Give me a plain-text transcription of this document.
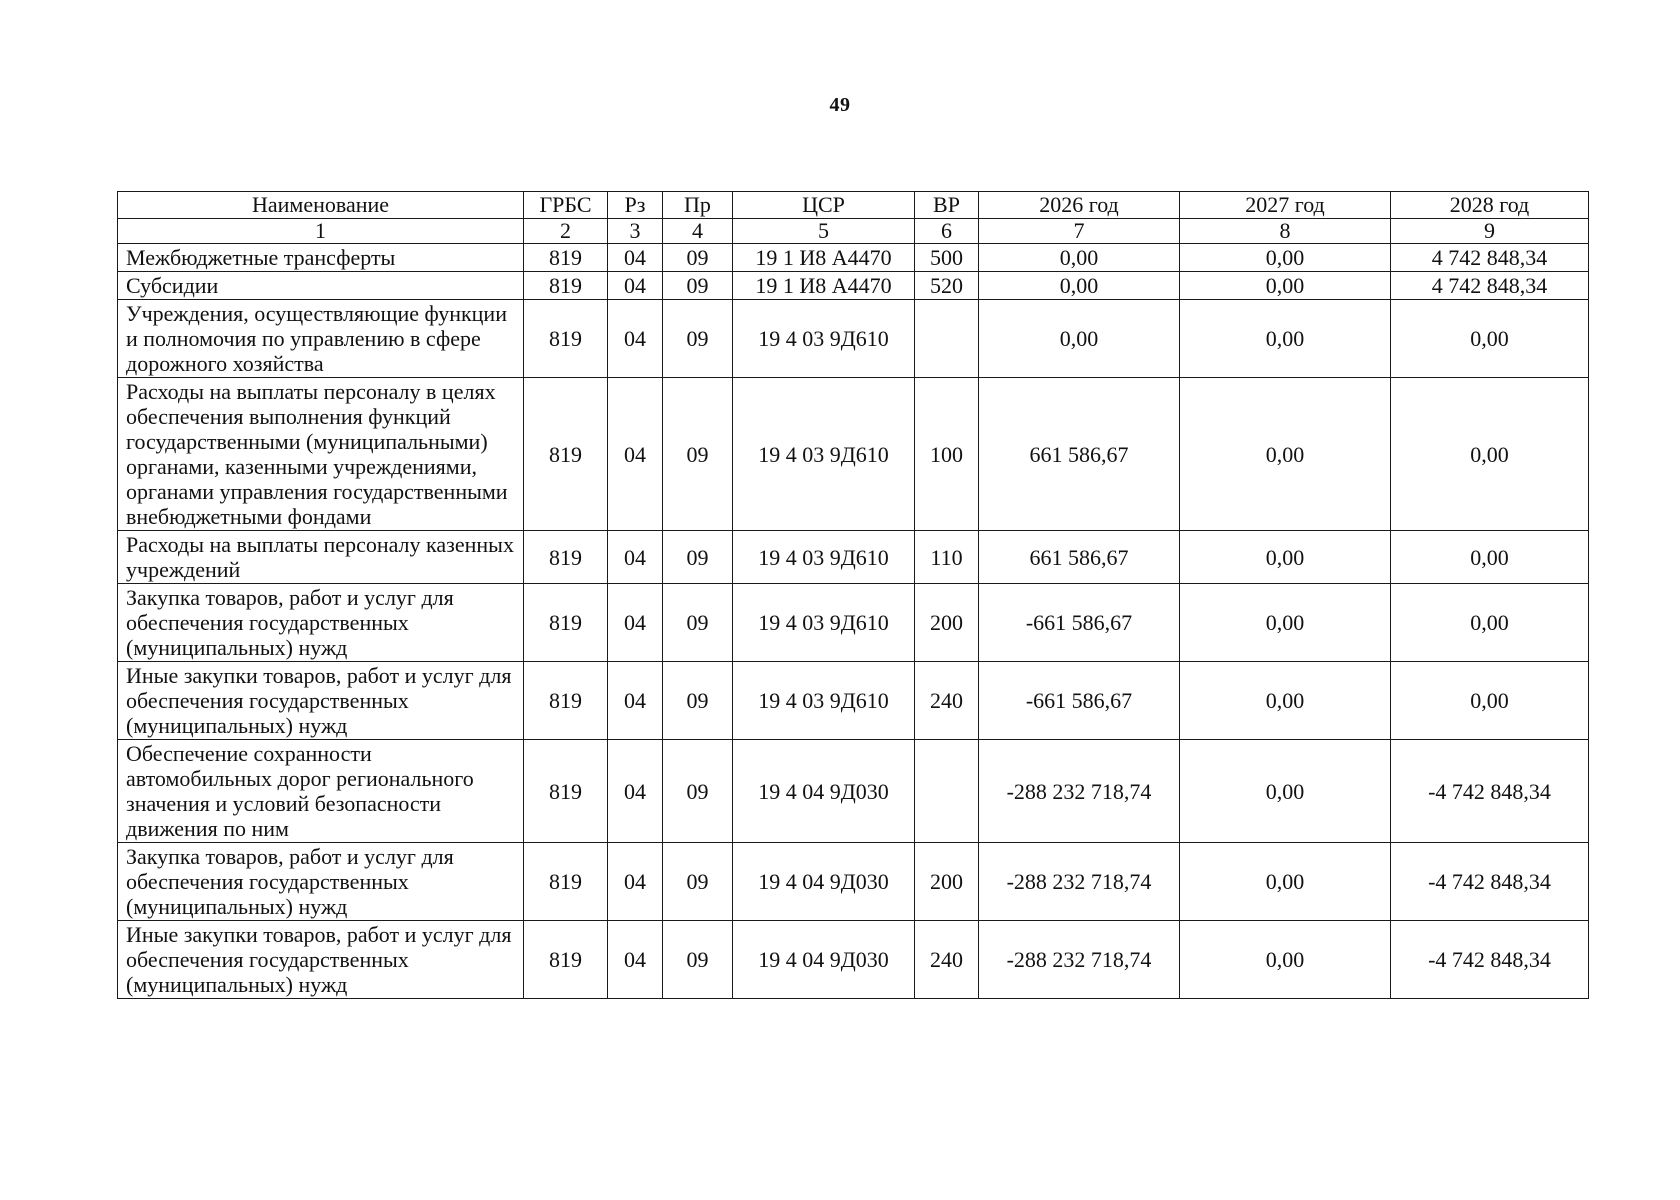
49
Наименование	ГРБС	Рз	Пр	ЦСР	ВР	2026 год	2027 год	2028 год
1	2	3	4	5	6	7	8	9
Межбюджетные трансферты	819	04	09	19 1 И8 А4470	500	0,00	0,00	4 742 848,34
Субсидии	819	04	09	19 1 И8 А4470	520	0,00	0,00	4 742 848,34
Учреждения, осуществляющие функции и полномочия по управлению в сфере дорожного хозяйства	819	04	09	19 4 03 9Д610		0,00	0,00	0,00
Расходы на выплаты персоналу в целях обеспечения выполнения функций государственными (муниципальными) органами, казенными учреждениями, органами управления государственными внебюджетными фондами	819	04	09	19 4 03 9Д610	100	661 586,67	0,00	0,00
Расходы на выплаты персоналу казенных учреждений	819	04	09	19 4 03 9Д610	110	661 586,67	0,00	0,00
Закупка товаров, работ и услуг для обеспечения государственных (муниципальных) нужд	819	04	09	19 4 03 9Д610	200	-661 586,67	0,00	0,00
Иные закупки товаров, работ и услуг для обеспечения государственных (муниципальных) нужд	819	04	09	19 4 03 9Д610	240	-661 586,67	0,00	0,00
Обеспечение сохранности автомобильных дорог регионального значения и условий безопасности движения по ним	819	04	09	19 4 04 9Д030		-288 232 718,74	0,00	-4 742 848,34
Закупка товаров, работ и услуг для обеспечения государственных (муниципальных) нужд	819	04	09	19 4 04 9Д030	200	-288 232 718,74	0,00	-4 742 848,34
Иные закупки товаров, работ и услуг для обеспечения государственных (муниципальных) нужд	819	04	09	19 4 04 9Д030	240	-288 232 718,74	0,00	-4 742 848,34
